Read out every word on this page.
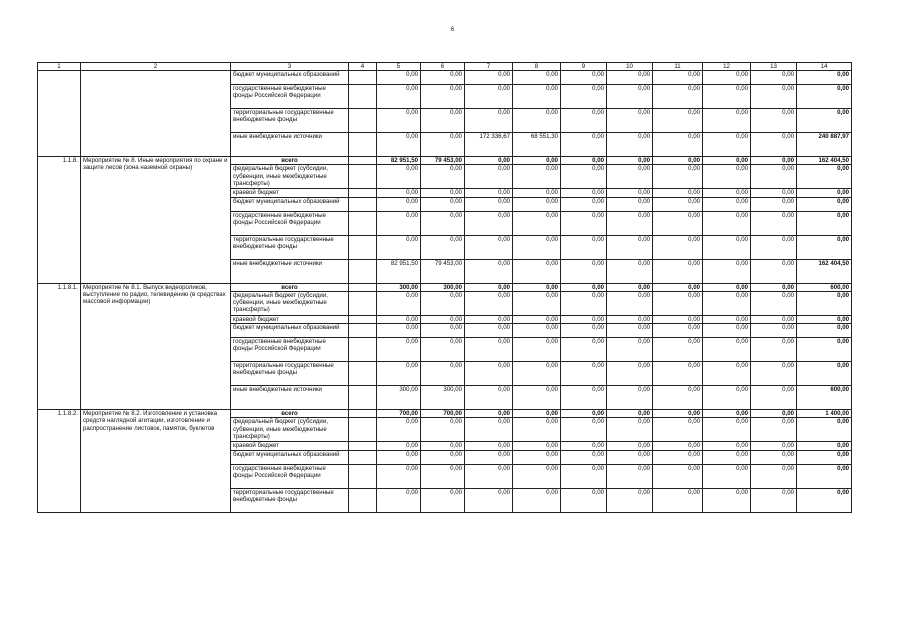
6
1	2	3	4	5	6	7	8	9	10	11	12	13	14
		бюджет муниципальных образований		0,00	0,00	0,00	0,00	0,00	0,00	0,00	0,00	0,00	0,00
		государственные внебюджетные фонды Российской Федерации		0,00	0,00	0,00	0,00	0,00	0,00	0,00	0,00	0,00	0,00
		территориальные государственные внебюджетные фонды		0,00	0,00	0,00	0,00	0,00	0,00	0,00	0,00	0,00	0,00
		иные внебюджетные источники		0,00	0,00	172 336,67	68 551,30	0,00	0,00	0,00	0,00	0,00	240 887,97
1.1.8.	Мероприятие № 8. Иные мероприятия по охране и защите лесов (зона наземной охраны)	всего		82 951,50	79 453,00	0,00	0,00	0,00	0,00	0,00	0,00	0,00	162 404,50
		федеральный бюджет (субсидии, субвенции, иные межбюджетные трансферты)		0,00	0,00	0,00	0,00	0,00	0,00	0,00	0,00	0,00	0,00
		краевой бюджет		0,00	0,00	0,00	0,00	0,00	0,00	0,00	0,00	0,00	0,00
		бюджет муниципальных образований		0,00	0,00	0,00	0,00	0,00	0,00	0,00	0,00	0,00	0,00
		государственные внебюджетные фонды Российской Федерации		0,00	0,00	0,00	0,00	0,00	0,00	0,00	0,00	0,00	0,00
		территориальные государственные внебюджетные фонды		0,00	0,00	0,00	0,00	0,00	0,00	0,00	0,00	0,00	0,00
		иные внебюджетные источники		82 951,50	79 453,00	0,00	0,00	0,00	0,00	0,00	0,00	0,00	162 404,50
1.1.8.1.	Мероприятие № 8.1. Выпуск видеороликов, выступление по радио, телевидению (в средствах массовой информации)	всего		300,00	300,00	0,00	0,00	0,00	0,00	0,00	0,00	0,00	600,00
		федеральный бюджет (субсидии, субвенции, иные межбюджетные трансферты)		0,00	0,00	0,00	0,00	0,00	0,00	0,00	0,00	0,00	0,00
		краевой бюджет		0,00	0,00	0,00	0,00	0,00	0,00	0,00	0,00	0,00	0,00
		бюджет муниципальных образований		0,00	0,00	0,00	0,00	0,00	0,00	0,00	0,00	0,00	0,00
		государственные внебюджетные фонды Российской Федерации		0,00	0,00	0,00	0,00	0,00	0,00	0,00	0,00	0,00	0,00
		территориальные государственные внебюджетные фонды		0,00	0,00	0,00	0,00	0,00	0,00	0,00	0,00	0,00	0,00
		иные внебюджетные источники		300,00	300,00	0,00	0,00	0,00	0,00	0,00	0,00	0,00	600,00
1.1.8.2.	Мероприятие № 8.2. Изготовление и установка средств наглядной агитации, изготовление и распространение листовок, памяток, буклетов	всего		700,00	700,00	0,00	0,00	0,00	0,00	0,00	0,00	0,00	1 400,00
		федеральный бюджет (субсидии, субвенции, иные межбюджетные трансферты)		0,00	0,00	0,00	0,00	0,00	0,00	0,00	0,00	0,00	0,00
		краевой бюджет		0,00	0,00	0,00	0,00	0,00	0,00	0,00	0,00	0,00	0,00
		бюджет муниципальных образований		0,00	0,00	0,00	0,00	0,00	0,00	0,00	0,00	0,00	0,00
		государственные внебюджетные фонды Российской Федерации		0,00	0,00	0,00	0,00	0,00	0,00	0,00	0,00	0,00	0,00
		территориальные государственные внебюджетные фонды		0,00	0,00	0,00	0,00	0,00	0,00	0,00	0,00	0,00	0,00
